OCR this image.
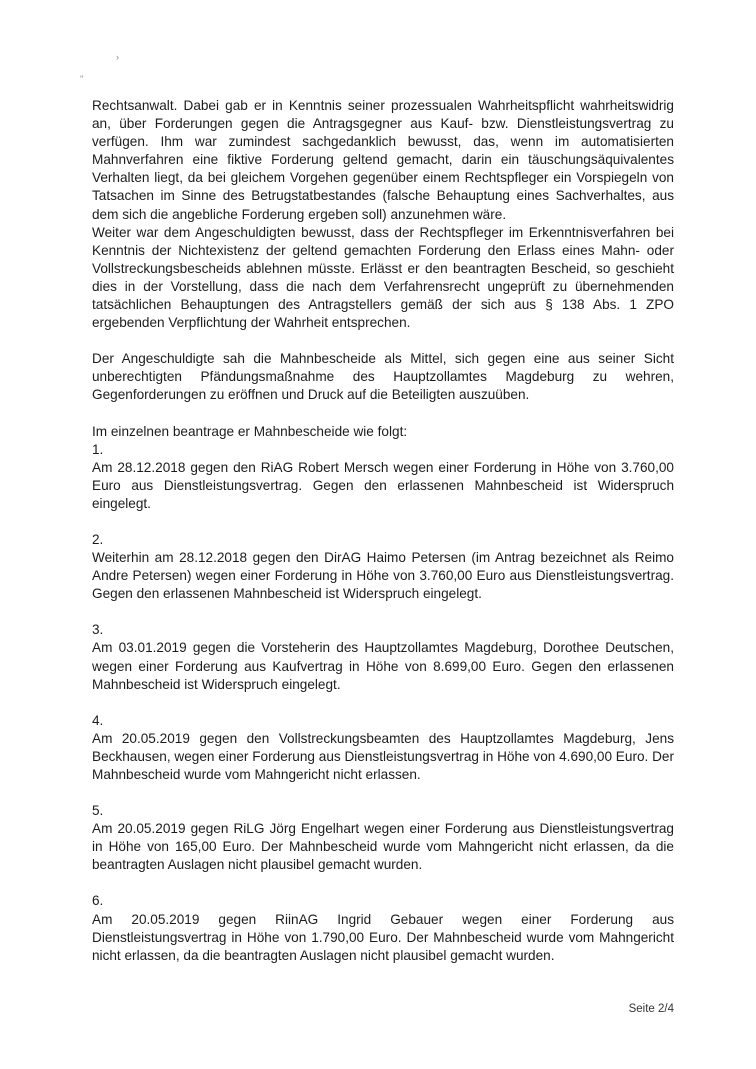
›
''

Rechtsanwalt. Dabei gab er in Kenntnis seiner prozessualen Wahrheitspflicht wahrheitswidrig an, über Forderungen gegen die Antragsgegner aus Kauf- bzw. Dienstleistungsvertrag zu verfügen. Ihm war zumindest sachgedanklich bewusst, das, wenn im automatisierten Mahnverfahren eine fiktive Forderung geltend gemacht, darin ein täuschungsäquivalentes Verhalten liegt, da bei gleichem Vorgehen gegenüber einem Rechtspfleger ein Vorspiegeln von Tatsachen im Sinne des Betrugstatbestandes (falsche Behauptung eines Sachverhaltes, aus dem sich die angebliche Forderung ergeben soll) anzunehmen wäre.

Weiter war dem Angeschuldigten bewusst, dass der Rechtspfleger im Erkenntnisverfahren bei Kenntnis der Nichtexistenz der geltend gemachten Forderung den Erlass eines Mahn- oder Vollstreckungsbescheids ablehnen müsste. Erlässt er den beantragten Bescheid, so geschieht dies in der Vorstellung, dass die nach dem Verfahrensrecht ungeprüft zu übernehmenden tatsächlichen Behauptungen des Antragstellers gemäß der sich aus § 138 Abs. 1 ZPO ergebenden Verpflichtung der Wahrheit entsprechen.

Der Angeschuldigte sah die Mahnbescheide als Mittel, sich gegen eine aus seiner Sicht unberechtigten Pfändungsmaßnahme des Hauptzollamtes Magdeburg zu wehren, Gegenforderungen zu eröffnen und Druck auf die Beteiligten auszuüben.

Im einzelnen beantrage er Mahnbescheide wie folgt:

1.

Am 28.12.2018 gegen den RiAG Robert Mersch wegen einer Forderung in Höhe von 3.760,00 Euro aus Dienstleistungsvertrag. Gegen den erlassenen Mahnbescheid ist Widerspruch eingelegt.

2.

Weiterhin am 28.12.2018 gegen den DirAG Haimo Petersen (im Antrag bezeichnet als Reimo Andre Petersen) wegen einer Forderung in Höhe von 3.760,00 Euro aus Dienstleistungsvertrag. Gegen den erlassenen Mahnbescheid ist Widerspruch eingelegt.

3.

Am 03.01.2019 gegen die Vorsteherin des Hauptzollamtes Magdeburg, Dorothee Deutschen, wegen einer Forderung aus Kaufvertrag in Höhe von 8.699,00 Euro. Gegen den erlassenen Mahnbescheid ist Widerspruch eingelegt.

4.

Am 20.05.2019 gegen den Vollstreckungsbeamten des Hauptzollamtes Magdeburg, Jens Beckhausen, wegen einer Forderung aus Dienstleistungsvertrag in Höhe von 4.690,00 Euro. Der Mahnbescheid wurde vom Mahngericht nicht erlassen.

5.

Am 20.05.2019 gegen RiLG Jörg Engelhart wegen einer Forderung aus Dienstleistungsvertrag in Höhe von 165,00 Euro. Der Mahnbescheid wurde vom Mahngericht nicht erlassen, da die beantragten Auslagen nicht plausibel gemacht wurden.

6.

Am 20.05.2019 gegen RiinAG Ingrid Gebauer wegen einer Forderung aus Dienstleistungsvertrag in Höhe von 1.790,00 Euro. Der Mahnbescheid wurde vom Mahngericht nicht erlassen, da die beantragten Auslagen nicht plausibel gemacht wurden.

Seite 2/4
